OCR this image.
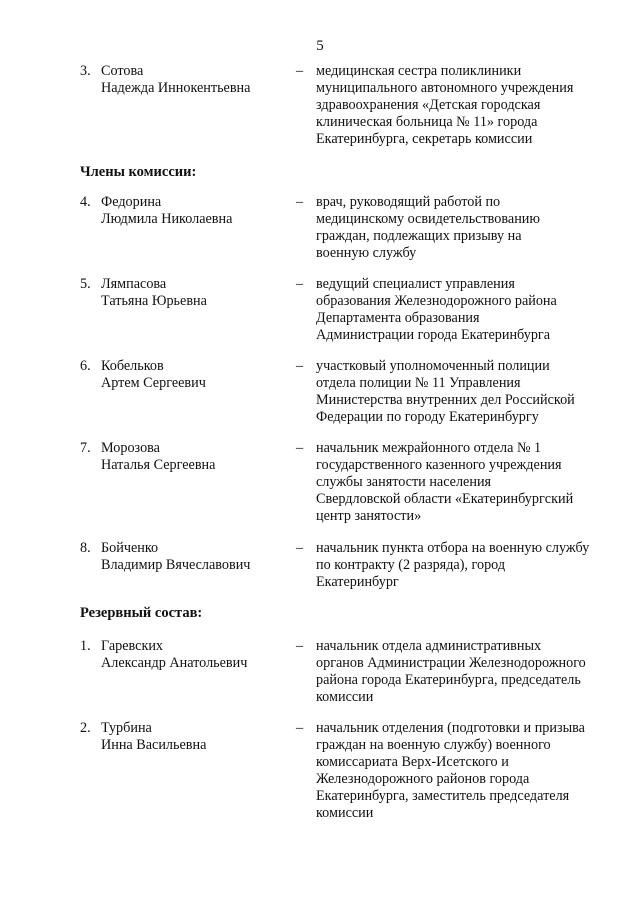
5
3. Сотова
Надежда Иннокентьевна
– медицинская сестра поликлиники
муниципального автономного учреждения
здравоохранения «Детская городская
клиническая больница № 11» города
Екатеринбурга, секретарь комиссии
Члены комиссии:
4. Федорина
Людмила Николаевна
– врач, руководящий работой по
медицинскому освидетельствованию
граждан, подлежащих призыву на
военную службу
5. Лямпасова
Татьяна Юрьевна
– ведущий специалист управления
образования Железнодорожного района
Департамента образования
Администрации города Екатеринбурга
6. Кобельков
Артем Сергеевич
– участковый уполномоченный полиции
отдела полиции № 11 Управления
Министерства внутренних дел Российской
Федерации по городу Екатеринбургу
7. Морозова
Наталья Сергеевна
– начальник межрайонного отдела № 1
государственного казенного учреждения
службы занятости населения
Свердловской области «Екатеринбургский
центр занятости»
8. Бойченко
Владимир Вячеславович
– начальник пункта отбора на военную службу
по контракту (2 разряда), город
Екатеринбург
Резервный состав:
1. Гаревских
Александр Анатольевич
– начальник отдела административных
органов Администрации Железнодорожного
района города Екатеринбурга, председатель
комиссии
2. Турбина
Инна Васильевна
– начальник отделения (подготовки и призыва
граждан на военную службу) военного
комиссариата Верх-Исетского и
Железнодорожного районов города
Екатеринбурга, заместитель председателя
комиссии
